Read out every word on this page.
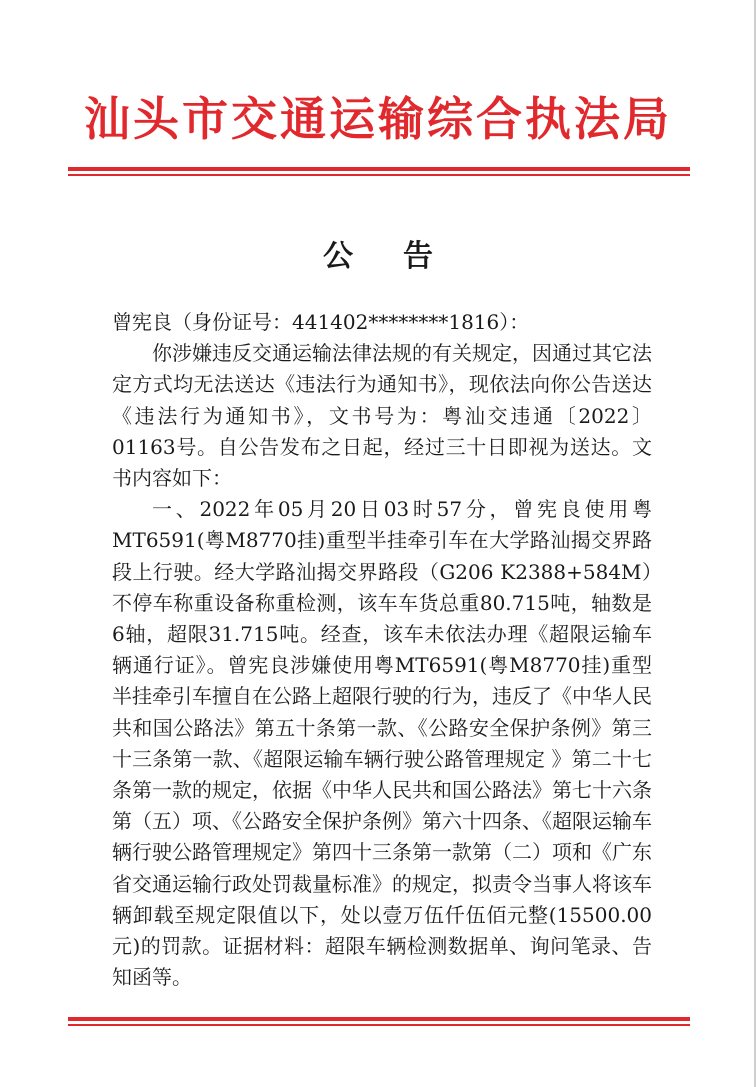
汕头市交通运输综合执法局
公告

曾宪良（身份证号：441402********1816）：

你涉嫌违反交通运输法律法规的有关规定，因通过其它法定方式均无法送达《违法行为通知书》，现依法向你公告送达《违法行为通知书》，文书号为：粤汕交违通〔2022〕01163号。自公告发布之日起，经过三十日即视为送达。文书内容如下：

一、2022年05月20日03时57分，曾宪良使用粤MT6591(粤M8770挂)重型半挂牵引车在大学路汕揭交界路段上行驶。经大学路汕揭交界路段（G206 K2388+584M）不停车称重设备称重检测，该车车货总重80.715吨，轴数是6轴，超限31.715吨。经查，该车未依法办理《超限运输车辆通行证》。曾宪良涉嫌使用粤MT6591(粤M8770挂)重型半挂牵引车擅自在公路上超限行驶的行为，违反了《中华人民共和国公路法》第五十条第一款、《公路安全保护条例》第三十三条第一款、《超限运输车辆行驶公路管理规定 》第二十七条第一款的规定，依据《中华人民共和国公路法》第七十六条第（五）项、《公路安全保护条例》第六十四条、《超限运输车辆行驶公路管理规定》第四十三条第一款第（二）项和《广东省交通运输行政处罚裁量标准》的规定，拟责令当事人将该车辆卸载至规定限值以下，处以壹万伍仟伍佰元整(15500.00元)的罚款。证据材料：超限车辆检测数据单、询问笔录、告知函等。
